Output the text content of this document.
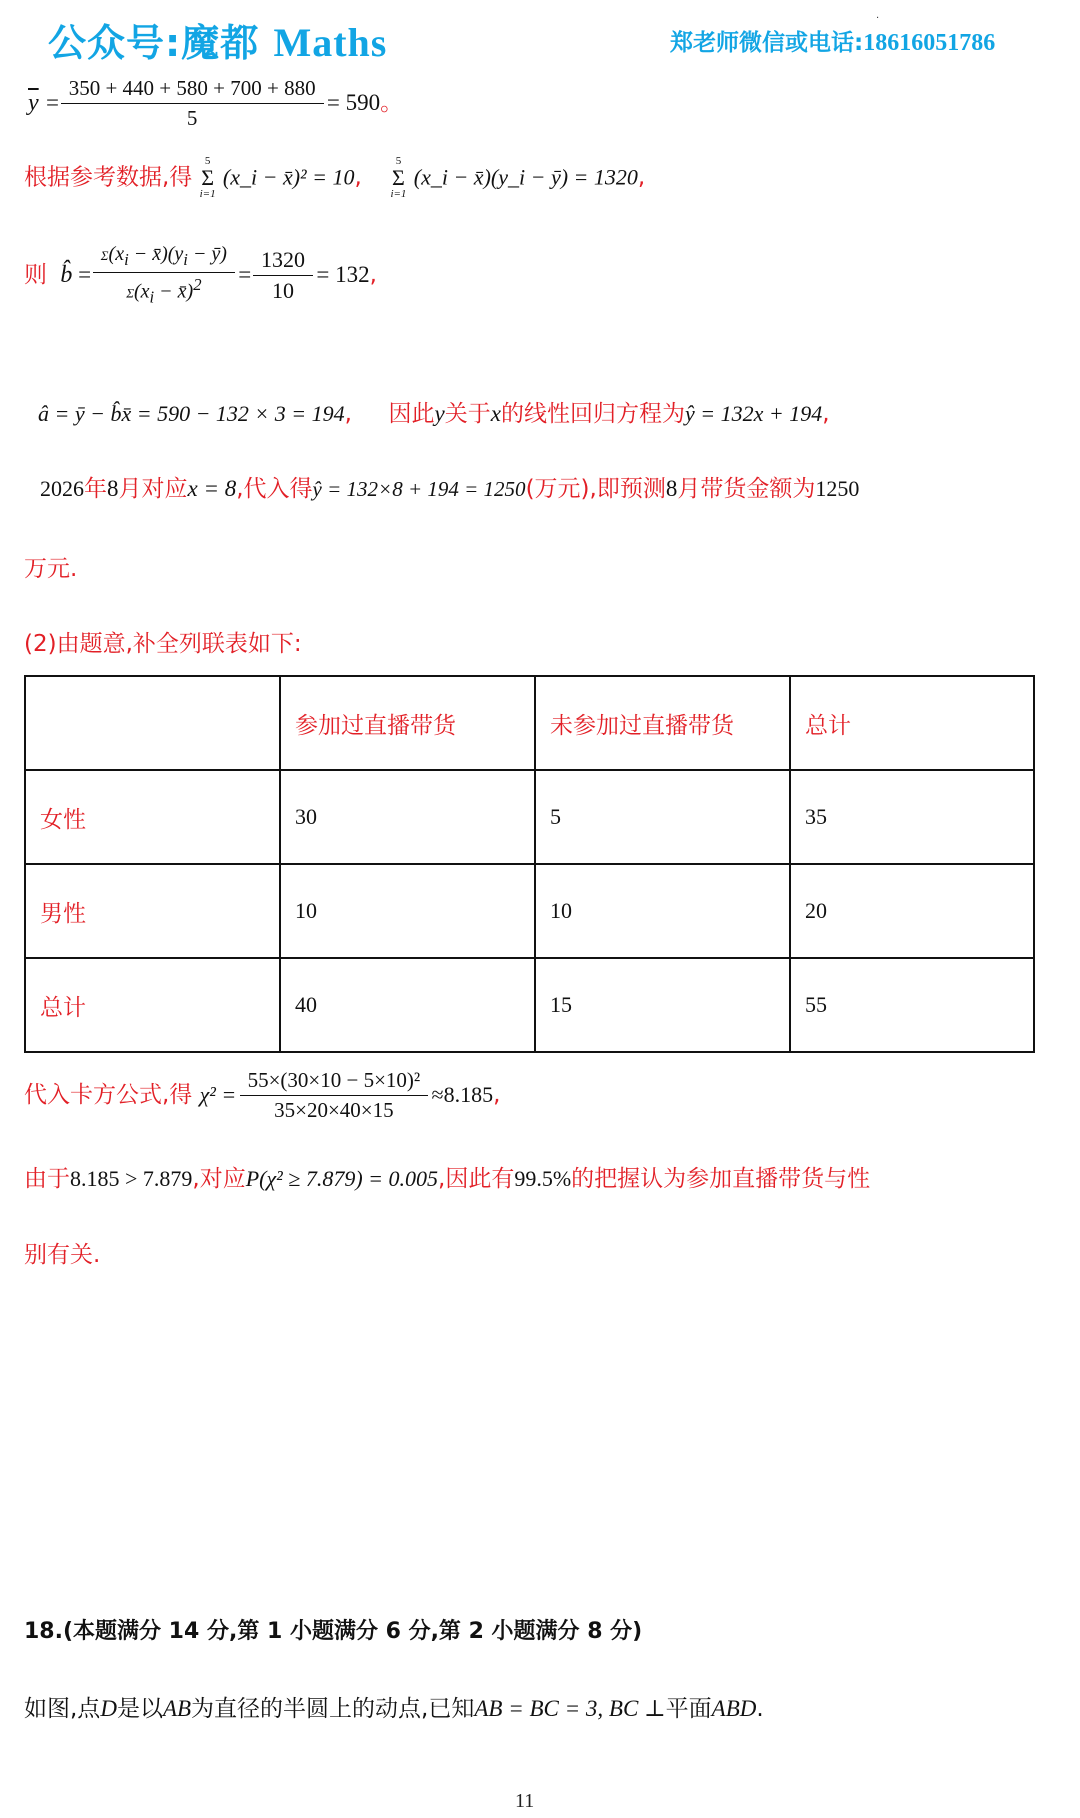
公众号:魔都 Maths	郑老师微信或电话:18616051786
·
$\overline{y} = \frac{350 + 440 + 580 + 700 + 880}{5} = 590$。
根据参考数据,得
5
Σ
i=1
(x_i − x̄)² = 10,
5
Σ
i=1
(x_i − x̄)(y_i − ȳ) = 1320,
则  b̂ = $\frac{\Sigma(x_i - x̄)(y_i - ȳ)}{\Sigma(x_i - x̄)^2} = \frac{1320}{10} = 132$,
â = ȳ − b̂x̄ = 590 − 132 × 3 = 194, 因此y关于x的线性回归方程为ŷ = 132x + 194,
2026年8月对应x = 8,代入得ŷ = 132×8 + 194 = 1250(万元),即预测8月带货金额为1250
万元.
(2)由题意,补全列联表如下:
	参加过直播带货	未参加过直播带货	总计
女性	30	5	35
男性	10	10	20
总计	40	15	55
代入卡方公式,得 $\chi^2 = \frac{\text{55×(30×10 − 5×10)²}}{35\times 20\times 40\times 15} \approx 8.185$,
由于8.185 > 7.879,对应P(χ² ≥ 7.879) = 0.005,因此有99.5%的把握认为参加直播带货与性
别有关.
18.(本题满分 14 分,第 1 小题满分 6 分,第 2 小题满分 8 分)
如图,点D是以AB为直径的半圆上的动点,已知AB = BC = 3, BC ⊥平面ABD.
11
